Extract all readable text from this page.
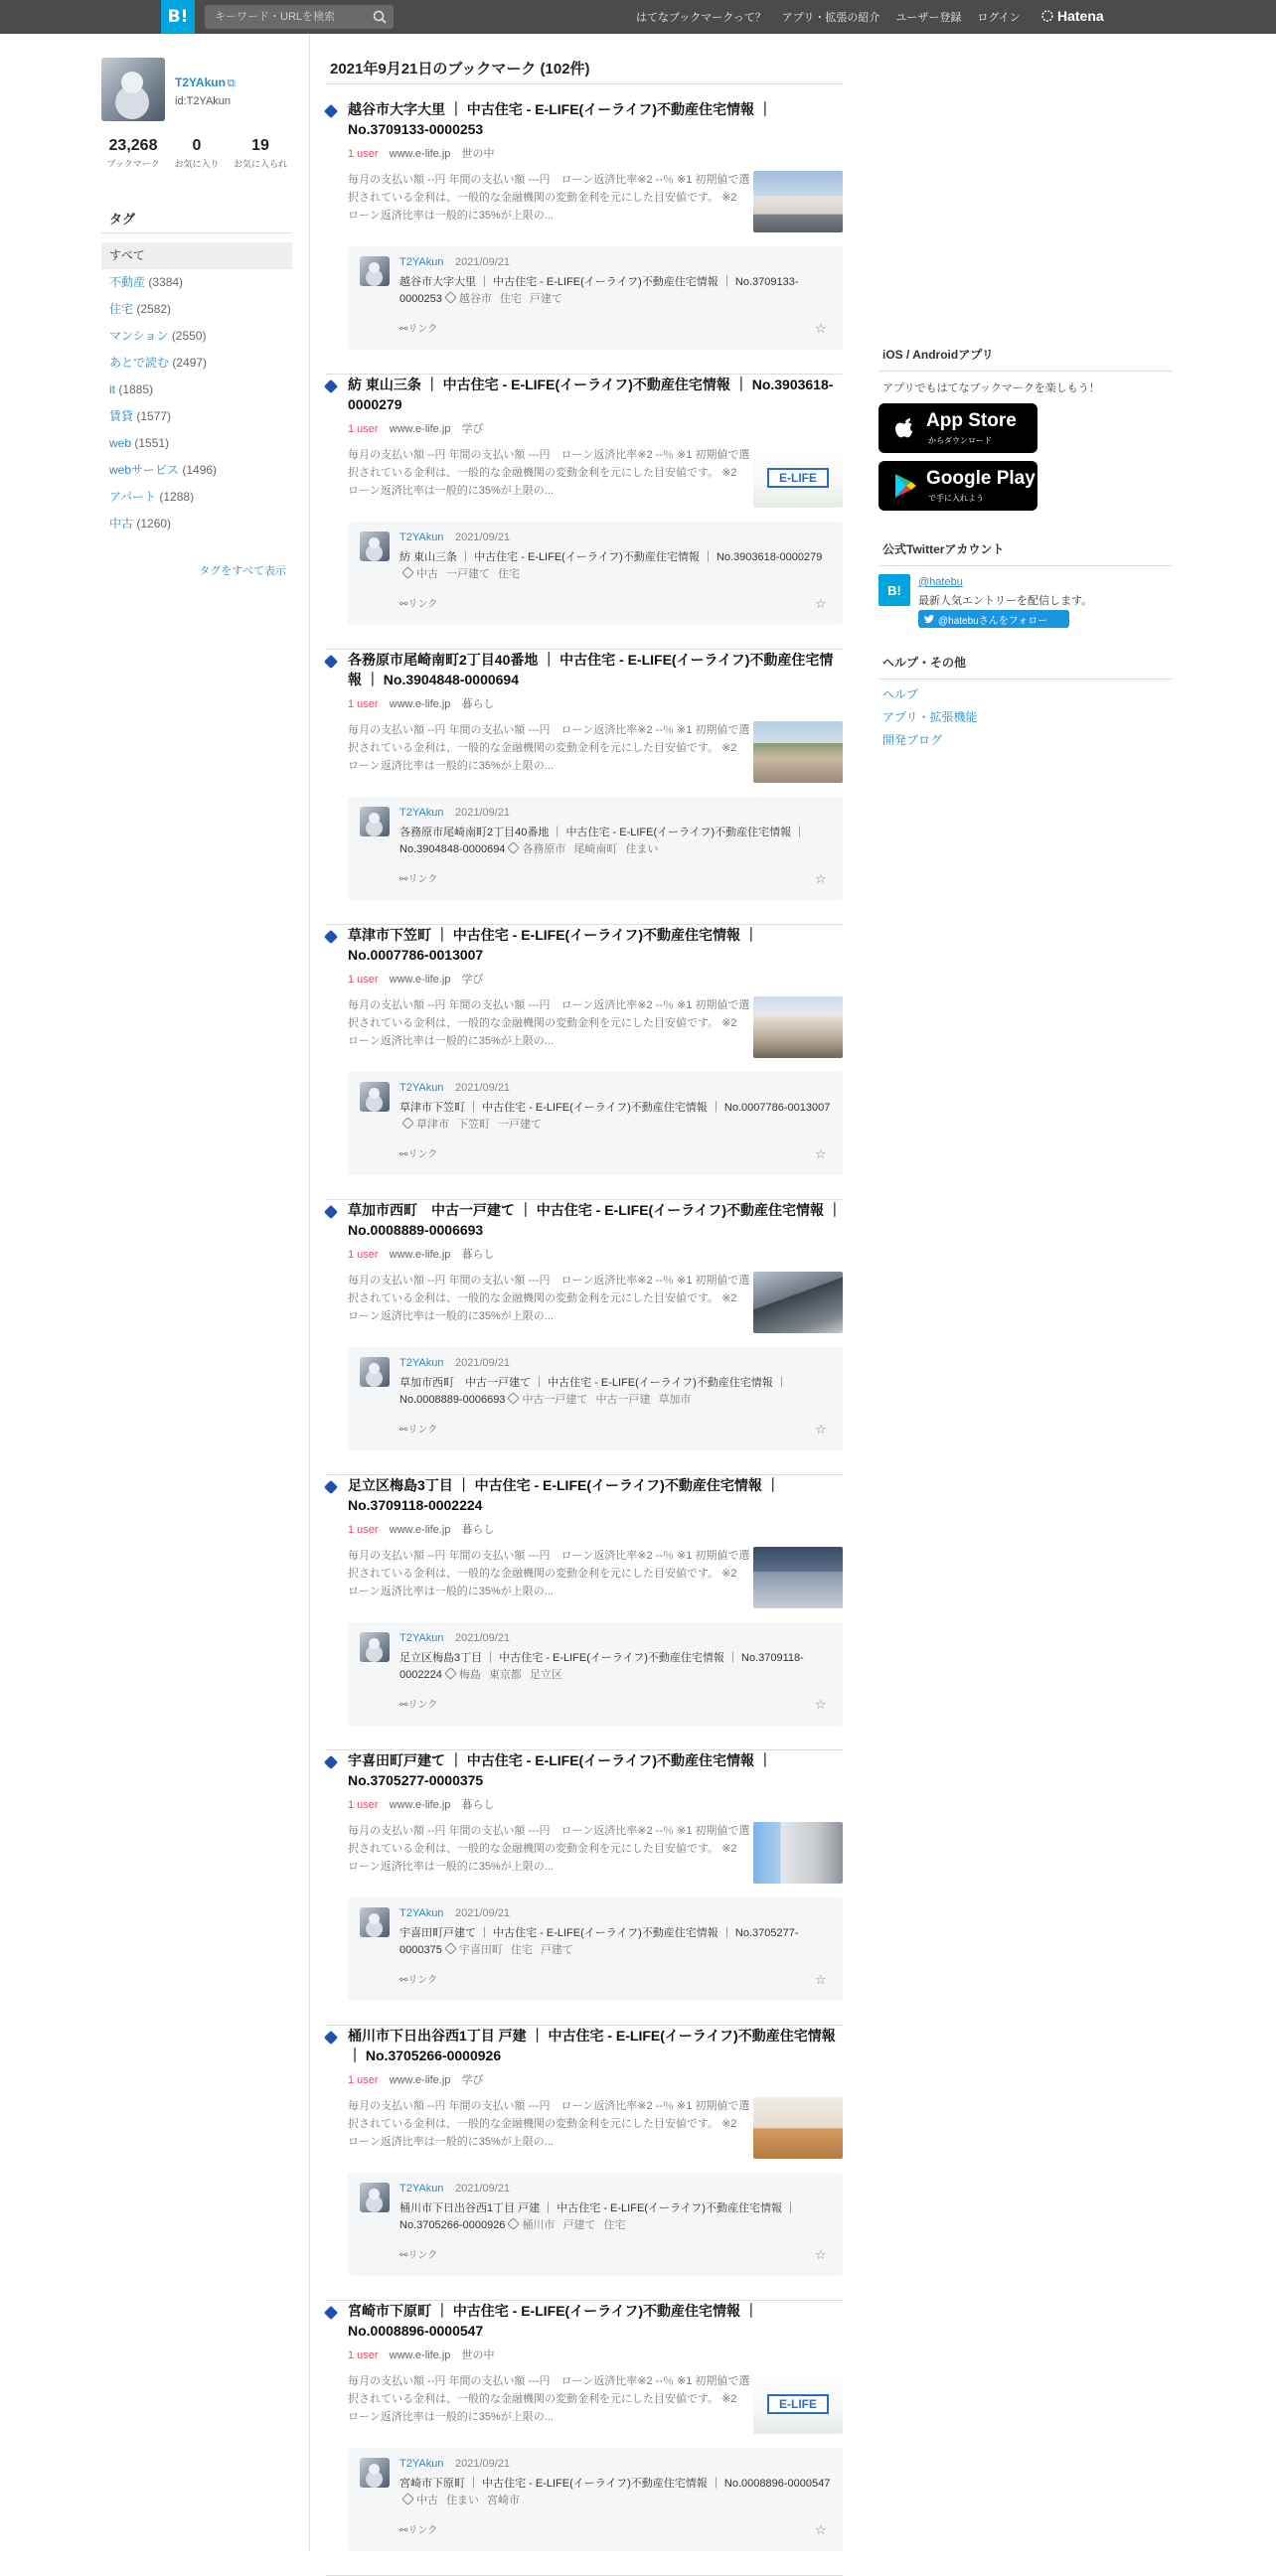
B!
キーワード・URLを検索	はてなブックマークって？ アプリ・拡張の紹介 ユーザー登録 ログイン	Hatena
T2YAkun ⧉
id:T2YAkun
23,268
ブックマーク
0
お気に入り
19
お気に入られ
タグ
すべて
不動産 (3384)
住宅 (2582)
マンション (2550)
あとで読む (2497)
it (1885)
賃貸 (1577)
web (1551)
webサービス (1496)
アパート (1288)
中古 (1260)
タグをすべて表示
2021年9月21日のブックマーク (102件)
越谷市大字大里 ｜ 中古住宅 - E-LIFE(イーライフ)不動産住宅情報 ｜ No.3709133-0000253
1 user www.e-life.jp 世の中
毎月の支払い額 --円 年間の支払い額 ---円　ローン返済比率※2 --％ ※1 初期値で選択されている金利は、一般的な金融機関の変動金利を元にした目安値です。 ※2　ローン返済比率は一般的に35%が上限の...
T2YAkun 2021/09/21
越谷市大字大里 ｜ 中古住宅 - E-LIFE(イーライフ)不動産住宅情報 ｜ No.3709133-0000253 越谷市 住宅 戸建て
⚯リンク	☆
紡 東山三条 ｜ 中古住宅 - E-LIFE(イーライフ)不動産住宅情報 ｜ No.3903618-0000279
1 user www.e-life.jp 学び
毎月の支払い額 --円 年間の支払い額 ---円　ローン返済比率※2 --％ ※1 初期値で選択されている金利は、一般的な金融機関の変動金利を元にした目安値です。 ※2　ローン返済比率は一般的に35%が上限の...
E-LIFE
T2YAkun 2021/09/21
紡 東山三条 ｜ 中古住宅 - E-LIFE(イーライフ)不動産住宅情報 ｜ No.3903618-0000279中古 一戸建て 住宅
⚯リンク	☆
各務原市尾崎南町2丁目40番地 ｜ 中古住宅 - E-LIFE(イーライフ)不動産住宅情報 ｜ No.3904848-0000694
1 user www.e-life.jp 暮らし
毎月の支払い額 --円 年間の支払い額 ---円　ローン返済比率※2 --％ ※1 初期値で選択されている金利は、一般的な金融機関の変動金利を元にした目安値です。 ※2　ローン返済比率は一般的に35%が上限の...
T2YAkun 2021/09/21
各務原市尾崎南町2丁目40番地 ｜ 中古住宅 - E-LIFE(イーライフ)不動産住宅情報 ｜ No.3904848-0000694 各務原市 尾崎南町 住まい
⚯リンク	☆
草津市下笠町 ｜ 中古住宅 - E-LIFE(イーライフ)不動産住宅情報 ｜ No.0007786-0013007
1 user www.e-life.jp 学び
毎月の支払い額 --円 年間の支払い額 ---円　ローン返済比率※2 --％ ※1 初期値で選択されている金利は、一般的な金融機関の変動金利を元にした目安値です。 ※2　ローン返済比率は一般的に35%が上限の...
T2YAkun 2021/09/21
草津市下笠町 ｜ 中古住宅 - E-LIFE(イーライフ)不動産住宅情報 ｜ No.0007786-0013007草津市 下笠町 一戸建て
⚯リンク	☆
草加市西町　中古一戸建て ｜ 中古住宅 - E-LIFE(イーライフ)不動産住宅情報 ｜ No.0008889-0006693
1 user www.e-life.jp 暮らし
毎月の支払い額 --円 年間の支払い額 ---円　ローン返済比率※2 --％ ※1 初期値で選択されている金利は、一般的な金融機関の変動金利を元にした目安値です。 ※2　ローン返済比率は一般的に35%が上限の...
T2YAkun 2021/09/21
草加市西町　中古一戸建て ｜ 中古住宅 - E-LIFE(イーライフ)不動産住宅情報 ｜ No.0008889-0006693 中古一戸建て 中古一戸建 草加市
⚯リンク	☆
足立区梅島3丁目 ｜ 中古住宅 - E-LIFE(イーライフ)不動産住宅情報 ｜ No.3709118-0002224
1 user www.e-life.jp 暮らし
毎月の支払い額 --円 年間の支払い額 ---円　ローン返済比率※2 --％ ※1 初期値で選択されている金利は、一般的な金融機関の変動金利を元にした目安値です。 ※2　ローン返済比率は一般的に35%が上限の...
T2YAkun 2021/09/21
足立区梅島3丁目 ｜ 中古住宅 - E-LIFE(イーライフ)不動産住宅情報 ｜ No.3709118-0002224 梅島 東京都 足立区
⚯リンク	☆
宇喜田町戸建て ｜ 中古住宅 - E-LIFE(イーライフ)不動産住宅情報 ｜ No.3705277-0000375
1 user www.e-life.jp 暮らし
毎月の支払い額 --円 年間の支払い額 ---円　ローン返済比率※2 --％ ※1 初期値で選択されている金利は、一般的な金融機関の変動金利を元にした目安値です。 ※2　ローン返済比率は一般的に35%が上限の...
T2YAkun 2021/09/21
宇喜田町戸建て ｜ 中古住宅 - E-LIFE(イーライフ)不動産住宅情報 ｜ No.3705277-0000375 宇喜田町 住宅 戸建て
⚯リンク	☆
桶川市下日出谷西1丁目 戸建 ｜ 中古住宅 - E-LIFE(イーライフ)不動産住宅情報 ｜ No.3705266-0000926
1 user www.e-life.jp 学び
毎月の支払い額 --円 年間の支払い額 ---円　ローン返済比率※2 --％ ※1 初期値で選択されている金利は、一般的な金融機関の変動金利を元にした目安値です。 ※2　ローン返済比率は一般的に35%が上限の...
T2YAkun 2021/09/21
桶川市下日出谷西1丁目 戸建 ｜ 中古住宅 - E-LIFE(イーライフ)不動産住宅情報 ｜ No.3705266-0000926 桶川市 戸建て 住宅
⚯リンク	☆
宮崎市下原町 ｜ 中古住宅 - E-LIFE(イーライフ)不動産住宅情報 ｜ No.0008896-0000547
1 user www.e-life.jp 世の中
毎月の支払い額 --円 年間の支払い額 ---円　ローン返済比率※2 --％ ※1 初期値で選択されている金利は、一般的な金融機関の変動金利を元にした目安値です。 ※2　ローン返済比率は一般的に35%が上限の...
E-LIFE
T2YAkun 2021/09/21
宮崎市下原町 ｜ 中古住宅 - E-LIFE(イーライフ)不動産住宅情報 ｜ No.0008896-0000547中古 住まい 宮崎市
⚯リンク	☆
iOS / Androidアプリ
アプリでもはてなブックマークを楽しもう！
App Store
からダウンロード
Google Play
で手に入れよう
公式Twitterアカウント
B!
@hatebu
最新人気エントリーを配信します。
@hatebuさんをフォロー
ヘルプ・その他
ヘルプ
アプリ・拡張機能
開発ブログ
